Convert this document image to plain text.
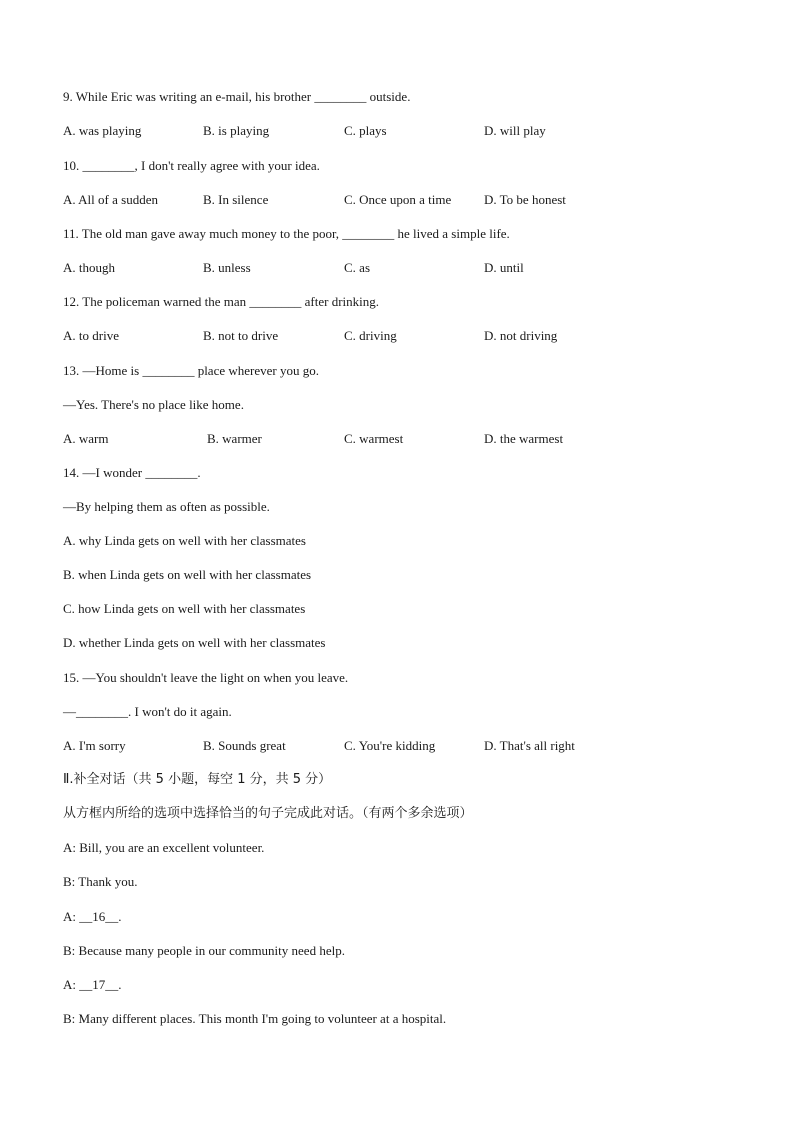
9. While Eric was writing an e-mail, his brother ________ outside.
A. was playing	B. is playing	C. plays	D. will play
10. ________, I don't really agree with your idea.
A. All of a sudden	B. In silence	C. Once upon a time	D. To be honest
11. The old man gave away much money to the poor, ________ he lived a simple life.
A. though	B. unless	C. as	D. until
12. The policeman warned the man ________ after drinking.
A. to drive	B. not to drive	C. driving	D. not driving
13. —Home is ________ place wherever you go.
—Yes. There's no place like home.
A. warm	B. warmer	C. warmest	D. the warmest
14. —I wonder ________.
—By helping them as often as possible.
A. why Linda gets on well with her classmates
B. when Linda gets on well with her classmates
C. how Linda gets on well with her classmates
D. whether Linda gets on well with her classmates
15. —You shouldn't leave the light on when you leave.
—________. I won't do it again.
A. I'm sorry	B. Sounds great	C. You're kidding	D. That's all right
Ⅱ.补全对话（共 5 小题，每空 1 分，共 5 分）
从方框内所给的选项中选择恰当的句子完成此对话。（有两个多余选项）
A: Bill, you are an excellent volunteer.
B: Thank you.
A: __16__.
B: Because many people in our community need help.
A: __17__.
B: Many different places. This month I'm going to volunteer at a hospital.
